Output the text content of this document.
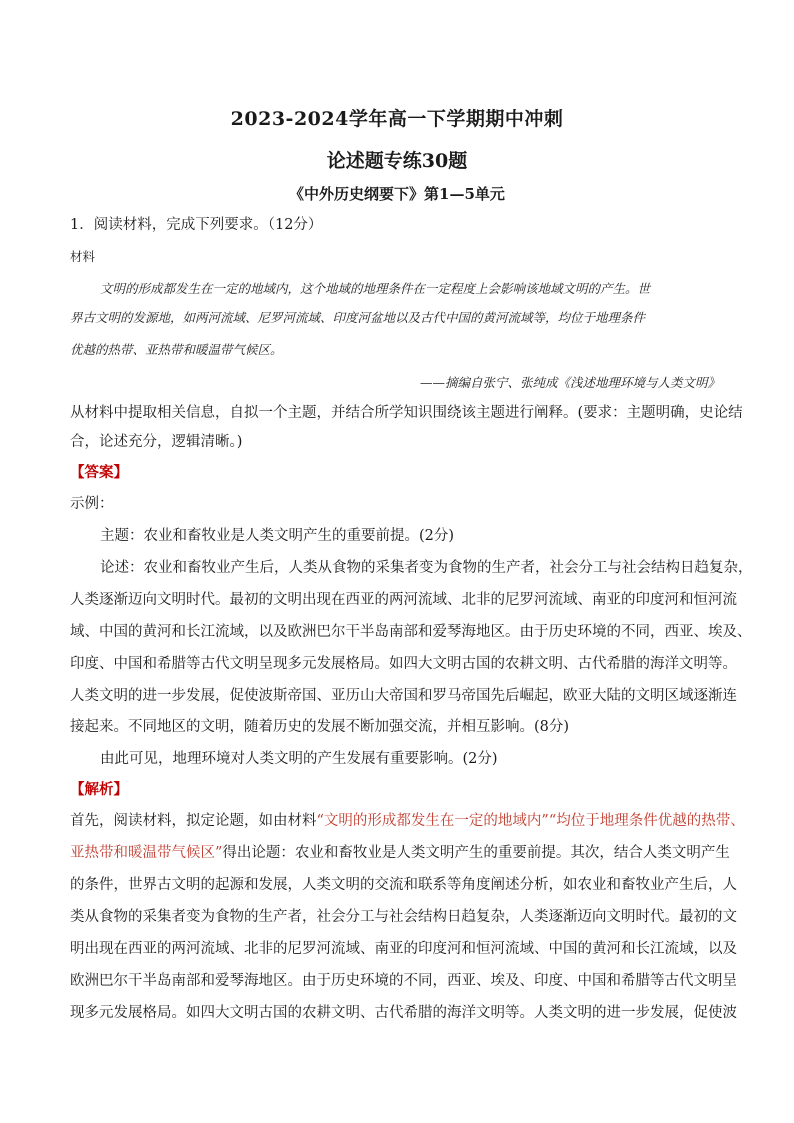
2023-2024学年高一下学期期中冲刺
论述题专练30题
《中外历史纲要下》第1—5单元
1．阅读材料，完成下列要求。（12分）
材料
文明的形成都发生在一定的地域内，这个地域的地理条件在一定程度上会影响该地域文明的产生。世
界古文明的发源地，如两河流域、尼罗河流域、印度河盆地以及古代中国的黄河流域等，均位于地理条件
优越的热带、亚热带和暖温带气候区。
——摘编自张宁、张纯成《浅述地理环境与人类文明》
从材料中提取相关信息，自拟一个主题，并结合所学知识围绕该主题进行阐释。(要求：主题明确，史论结
合，论述充分，逻辑清晰。)
【答案】
示例：
主题：农业和畜牧业是人类文明产生的重要前提。(2分)
论述：农业和畜牧业产生后，人类从食物的采集者变为食物的生产者，社会分工与社会结构日趋复杂，
人类逐渐迈向文明时代。最初的文明出现在西亚的两河流域、北非的尼罗河流域、南亚的印度河和恒河流
域、中国的黄河和长江流域，以及欧洲巴尔干半岛南部和爱琴海地区。由于历史环境的不同，西亚、埃及、
印度、中国和希腊等古代文明呈现多元发展格局。如四大文明古国的农耕文明、古代希腊的海洋文明等。
人类文明的进一步发展，促使波斯帝国、亚历山大帝国和罗马帝国先后崛起，欧亚大陆的文明区域逐渐连
接起来。不同地区的文明，随着历史的发展不断加强交流，并相互影响。(8分)
由此可见，地理环境对人类文明的产生发展有重要影响。(2分)
【解析】
首先，阅读材料，拟定论题，如由材料“文明的形成都发生在一定的地域内”“均位于地理条件优越的热带、
亚热带和暖温带气候区”得出论题：农业和畜牧业是人类文明产生的重要前提。其次，结合人类文明产生
的条件，世界古文明的起源和发展，人类文明的交流和联系等角度阐述分析，如农业和畜牧业产生后，人
类从食物的采集者变为食物的生产者，社会分工与社会结构日趋复杂，人类逐渐迈向文明时代。最初的文
明出现在西亚的两河流域、北非的尼罗河流域、南亚的印度河和恒河流域、中国的黄河和长江流域，以及
欧洲巴尔干半岛南部和爱琴海地区。由于历史环境的不同，西亚、埃及、印度、中国和希腊等古代文明呈
现多元发展格局。如四大文明古国的农耕文明、古代希腊的海洋文明等。人类文明的进一步发展，促使波
